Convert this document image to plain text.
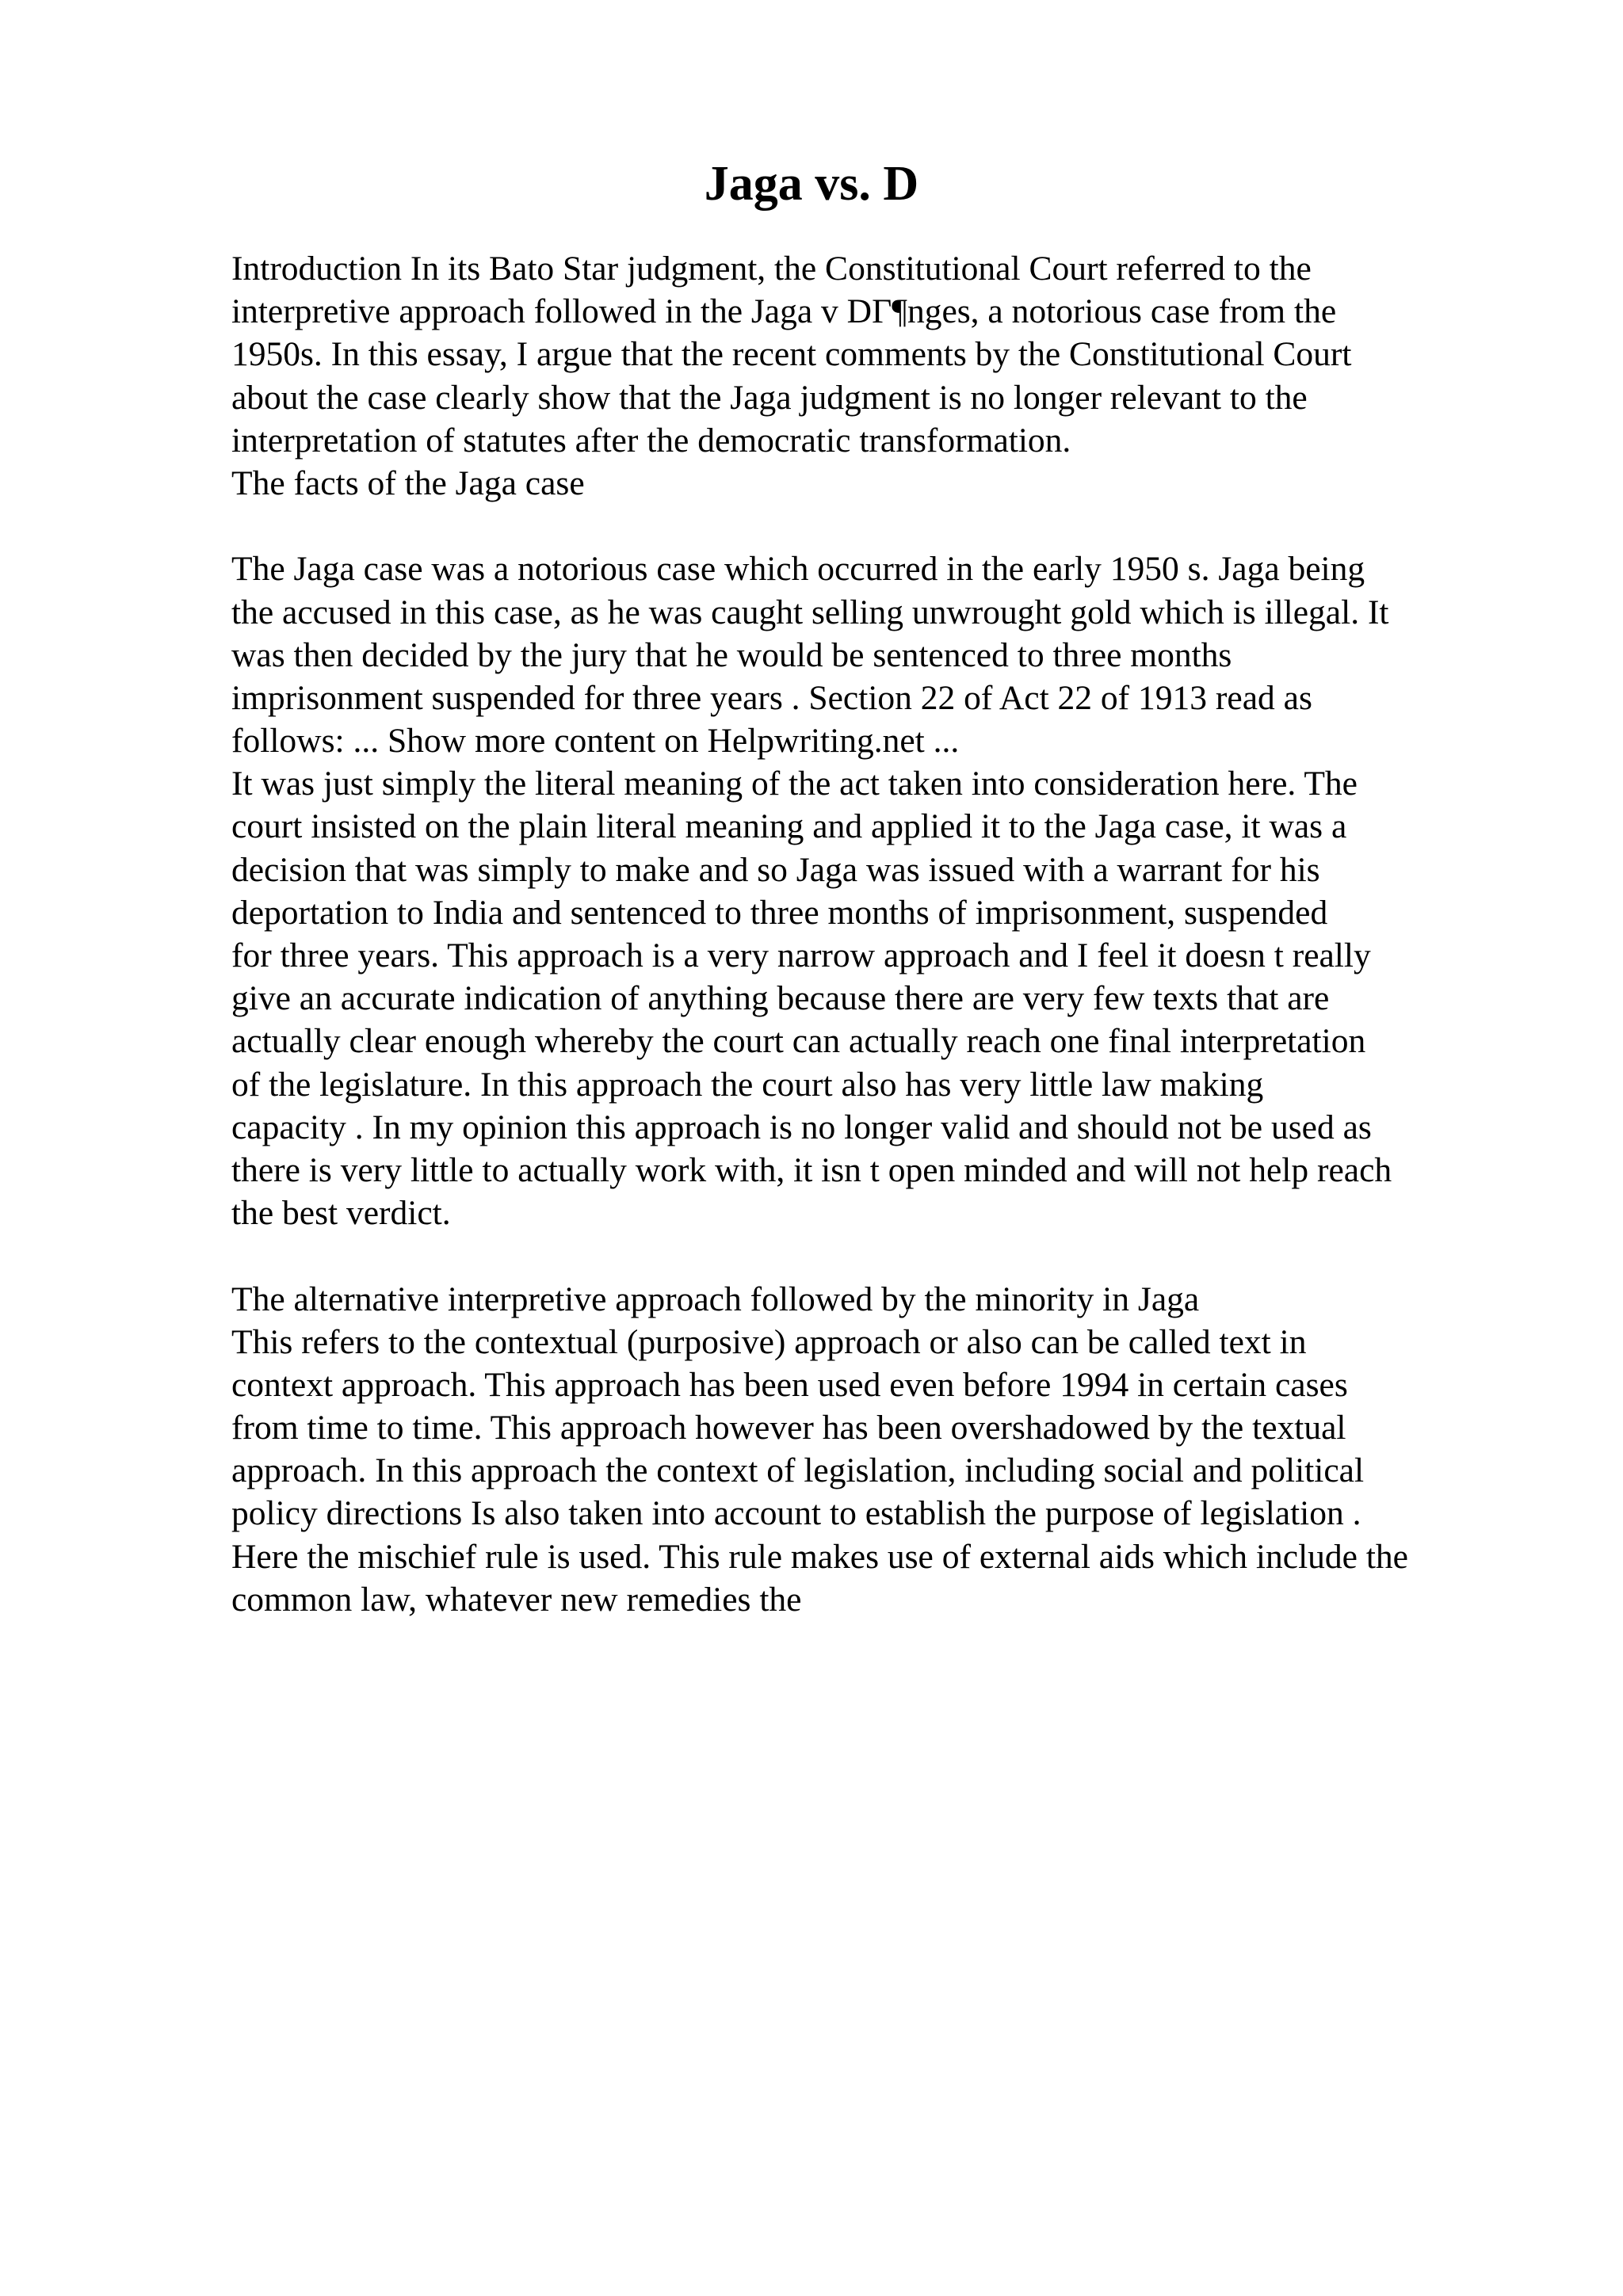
Jaga vs. D
Introduction In its Bato Star judgment, the Constitutional Court referred to the
interpretive approach followed in the Jaga v DГ¶nges, a notorious case from the
1950s. In this essay, I argue that the recent comments by the Constitutional Court
about the case clearly show that the Jaga judgment is no longer relevant to the
interpretation of statutes after the democratic transformation.
The facts of the Jaga case
The Jaga case was a notorious case which occurred in the early 1950 s. Jaga being
the accused in this case, as he was caught selling unwrought gold which is illegal. It
was then decided by the jury that he would be sentenced to three months
imprisonment suspended for three years . Section 22 of Act 22 of 1913 read as
follows: ... Show more content on Helpwriting.net ...
It was just simply the literal meaning of the act taken into consideration here. The
court insisted on the plain literal meaning and applied it to the Jaga case, it was a
decision that was simply to make and so Jaga was issued with a warrant for his
deportation to India and sentenced to three months of imprisonment, suspended
for three years. This approach is a very narrow approach and I feel it doesn t really
give an accurate indication of anything because there are very few texts that are
actually clear enough whereby the court can actually reach one final interpretation
of the legislature. In this approach the court also has very little law making
capacity . In my opinion this approach is no longer valid and should not be used as
there is very little to actually work with, it isn t open minded and will not help reach
the best verdict.
The alternative interpretive approach followed by the minority in Jaga
This refers to the contextual (purposive) approach or also can be called text in
context approach. This approach has been used even before 1994 in certain cases
from time to time. This approach however has been overshadowed by the textual
approach. In this approach the context of legislation, including social and political
policy directions Is also taken into account to establish the purpose of legislation .
Here the mischief rule is used. This rule makes use of external aids which include the
common law, whatever new remedies the
